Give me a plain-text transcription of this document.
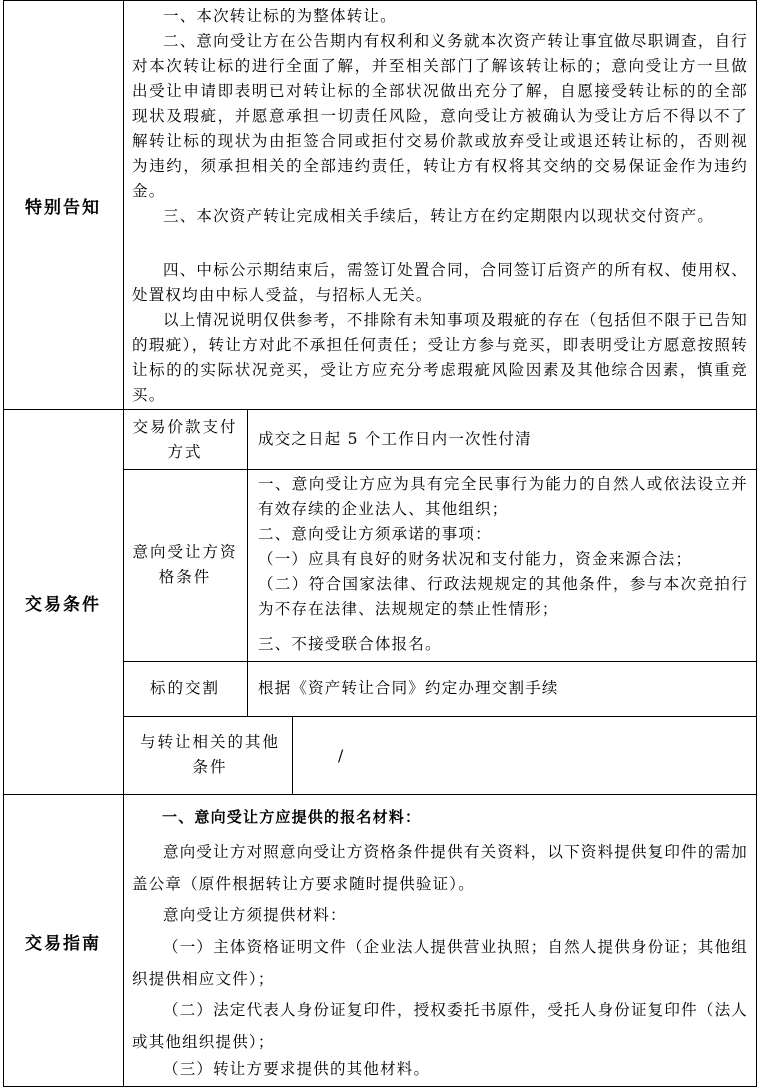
特别告知
一、本次转让标的为整体转让。
二、意向受让方在公告期内有权利和义务就本次资产转让事宜做尽职调查，自行对本次转让标的进行全面了解，并至相关部门了解该转让标的；意向受让方一旦做出受让申请即表明已对转让标的全部状况做出充分了解，自愿接受转让标的的全部现状及瑕疵，并愿意承担一切责任风险，意向受让方被确认为受让方后不得以不了解转让标的现状为由拒签合同或拒付交易价款或放弃受让或退还转让标的，否则视为违约，须承担相关的全部违约责任，转让方有权将其交纳的交易保证金作为违约金。
三、本次资产转让完成相关手续后，转让方在约定期限内以现状交付资产。
四、中标公示期结束后，需签订处置合同，合同签订后资产的所有权、使用权、处置权均由中标人受益，与招标人无关。
以上情况说明仅供参考，不排除有未知事项及瑕疵的存在（包括但不限于已告知的瑕疵），转让方对此不承担任何责任；受让方参与竞买，即表明受让方愿意按照转让标的的实际状况竞买，受让方应充分考虑瑕疵风险因素及其他综合因素，慎重竞买。
交易条件
交易价款支付方式
成交之日起 5 个工作日内一次性付清
意向受让方资格条件
一、意向受让方应为具有完全民事行为能力的自然人或依法设立并有效存续的企业法人、其他组织；
二、意向受让方须承诺的事项：
（一）应具有良好的财务状况和支付能力，资金来源合法；
（二）符合国家法律、行政法规规定的其他条件，参与本次竞拍行为不存在法律、法规规定的禁止性情形；
三、不接受联合体报名。
标的交割	根据《资产转让合同》约定办理交割手续
与转让相关的其他条件
/
交易指南
一、意向受让方应提供的报名材料：
意向受让方对照意向受让方资格条件提供有关资料，以下资料提供复印件的需加盖公章（原件根据转让方要求随时提供验证）。
意向受让方须提供材料：
（一）主体资格证明文件（企业法人提供营业执照；自然人提供身份证；其他组织提供相应文件）；
（二）法定代表人身份证复印件，授权委托书原件，受托人身份证复印件（法人或其他组织提供）；
（三）转让方要求提供的其他材料。
